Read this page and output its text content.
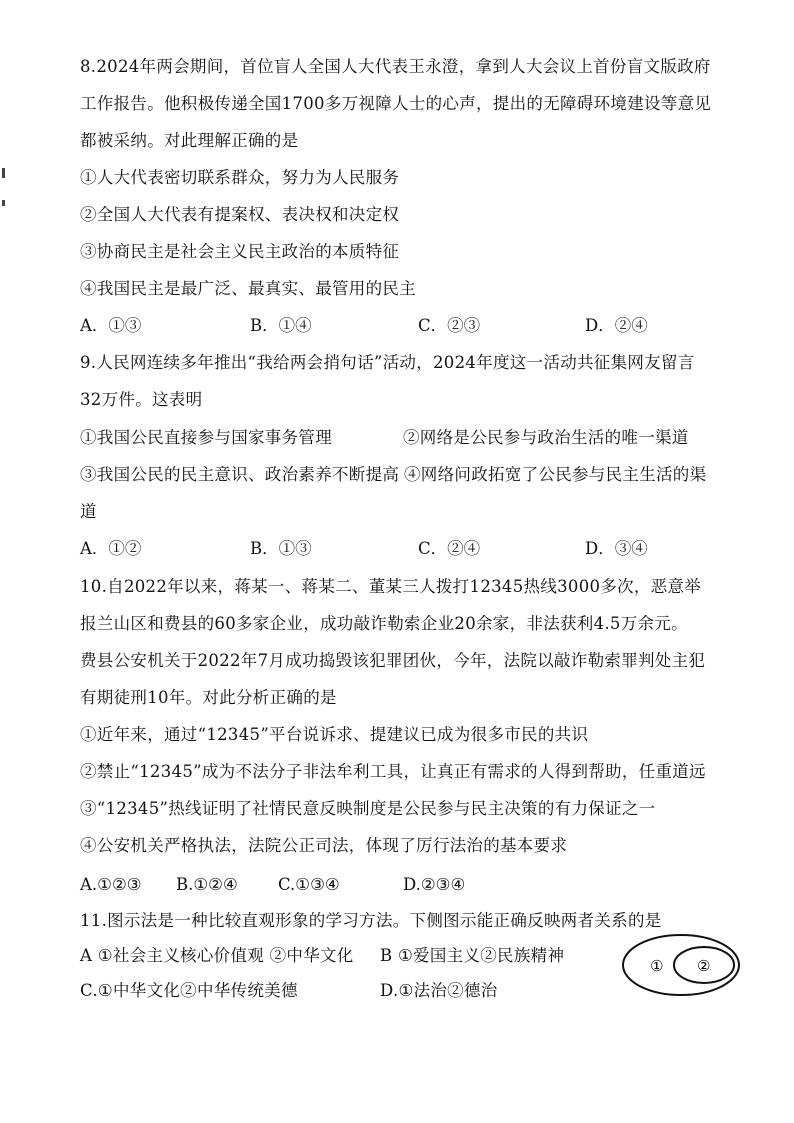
8.2024年两会期间，首位盲人全国人大代表王永澄，拿到人大会议上首份盲文版政府
工作报告。他积极传递全国1700多万视障人士的心声，提出的无障碍环境建设等意见
都被采纳。对此理解正确的是
①人大代表密切联系群众，努力为人民服务
②全国人大代表有提案权、表决权和决定权
③协商民主是社会主义民主政治的本质特征
④我国民主是最广泛、最真实、最管用的民主
A．①③	B．①④	C．②③	D．②④
9.人民网连续多年推出“我给两会捎句话”活动，2024年度这一活动共征集网友留言
32万件。这表明
①我国公民直接参与国家事务管理	②网络是公民参与政治生活的唯一渠道
③我国公民的民主意识、政治素养不断提高 ④网络问政拓宽了公民参与民主生活的渠
道
A．①②	B．①③	C．②④	D．③④
10.自2022年以来，蒋某一、蒋某二、董某三人拨打12345热线3000多次，恶意举
报兰山区和费县的60多家企业，成功敲诈勒索企业20余家，非法获利4.5万余元。
费县公安机关于2022年7月成功捣毁该犯罪团伙，今年，法院以敲诈勒索罪判处主犯
有期徒刑10年。对此分析正确的是
①近年来，通过“12345”平台说诉求、提建议已成为很多市民的共识
②禁止“12345”成为不法分子非法牟利工具，让真正有需求的人得到帮助，任重道远
③“12345”热线证明了社情民意反映制度是公民参与民主决策的有力保证之一
④公安机关严格执法，法院公正司法，体现了厉行法治的基本要求
A.①②③ B.①②④ C.①③④	D.②③④
11.图示法是一种比较直观形象的学习方法。下侧图示能正确反映两者关系的是
A ①社会主义核心价值观 ②中华文化 B ①爱国主义②民族精神
C.①中华文化②中华传统美德	D.①法治②德治
① ②
